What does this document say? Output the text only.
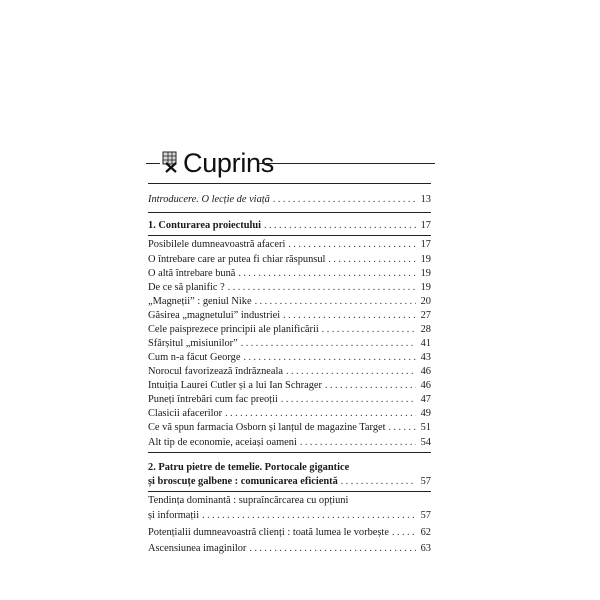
Cuprins
Introducere. O lecție de viață . . .	13
1. Conturarea proiectului . . .	17
Posibilele dumneavoastră afaceri . . .	17
O întrebare care ar putea fi chiar răspunsul . . .	19
O altă întrebare bună . . .	19
De ce să planific ? . . .	19
„Magneții” : geniul Nike . . .	20
Găsirea „magnetului” industriei . . .	27
Cele paisprezece principii ale planificării . . .	28
Sfârșitul „misiunilor” . . .	41
Cum n-a făcut George . . .	43
Norocul favorizează îndrăzneala . . .	46
Intuiția Laurei Cutler și a lui Ian Schrager . . .	46
Puneți întrebări cum fac preoții . . .	47
Clasicii afacerilor . . .	49
Ce vă spun farmacia Osborn și lanțul de magazine Target . . .	51
Alt tip de economie, aceiași oameni . . .	54
2. Patru pietre de temelie. Portocale gigantice
și broscuțe galbene : comunicarea eficientă . . .	57
Tendința dominantă : supraîncărcarea cu opțiuni
și informații . . .	57
Potențialii dumneavoastră clienți : toată lumea le vorbește . . .	62
Ascensiunea imaginilor . . .	63
